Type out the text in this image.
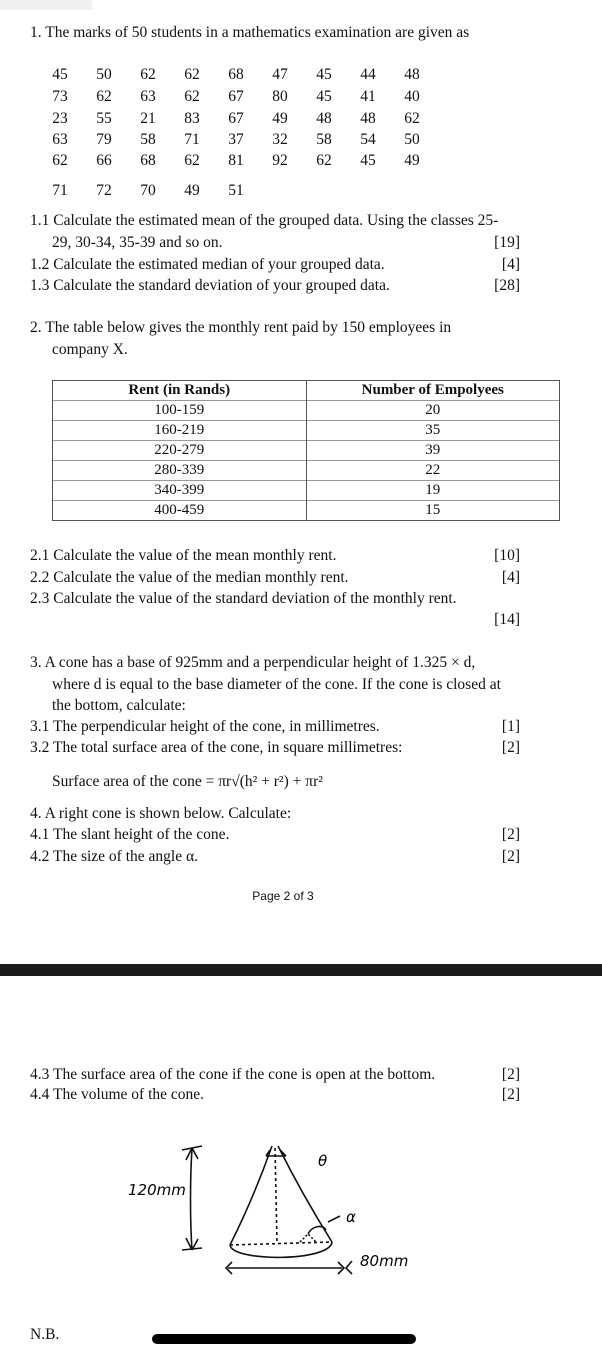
1. The marks of 50 students in a mathematics examination are given as
45	50	62	62	68	47	45	44	48
73	62	63	62	67	80	45	41	40
23	55	21	83	67	49	48	48	62
63	79	58	71	37	32	58	54	50
62	66	68	62	81	92	62	45	49
71	72	70	49	51
1.1 Calculate the estimated mean of the grouped data. Using the classes 25-
29, 30-34, 35-39 and so on.	[19]
1.2 Calculate the estimated median of your grouped data.	[4]
1.3 Calculate the standard deviation of your grouped data.	[28]
2. The table below gives the monthly rent paid by 150 employees in
company X.
Rent (in Rands)	Number of Empolyees
100-159	20
160-219	35
220-279	39
280-339	22
340-399	19
400-459	15
2.1 Calculate the value of the mean monthly rent.	[10]
2.2 Calculate the value of the median monthly rent.	[4]
2.3 Calculate the value of the standard deviation of the monthly rent.
[14]
3. A cone has a base of 925mm and a perpendicular height of 1.325 × d,
where d is equal to the base diameter of the cone. If the cone is closed at
the bottom, calculate:
3.1 The perpendicular height of the cone, in millimetres.	[1]
3.2 The total surface area of the cone, in square millimetres:	[2]
Surface area of the cone = πr√(h² + r²) + πr²
4. A right cone is shown below. Calculate:
4.1 The slant height of the cone.	[2]
4.2 The size of the angle α.	[2]
Page 2 of 3
4.3 The surface area of the cone if the cone is open at the bottom.	[2]
4.4 The volume of the cone.	[2]
120mm
θ
α
80mm
N.B.
